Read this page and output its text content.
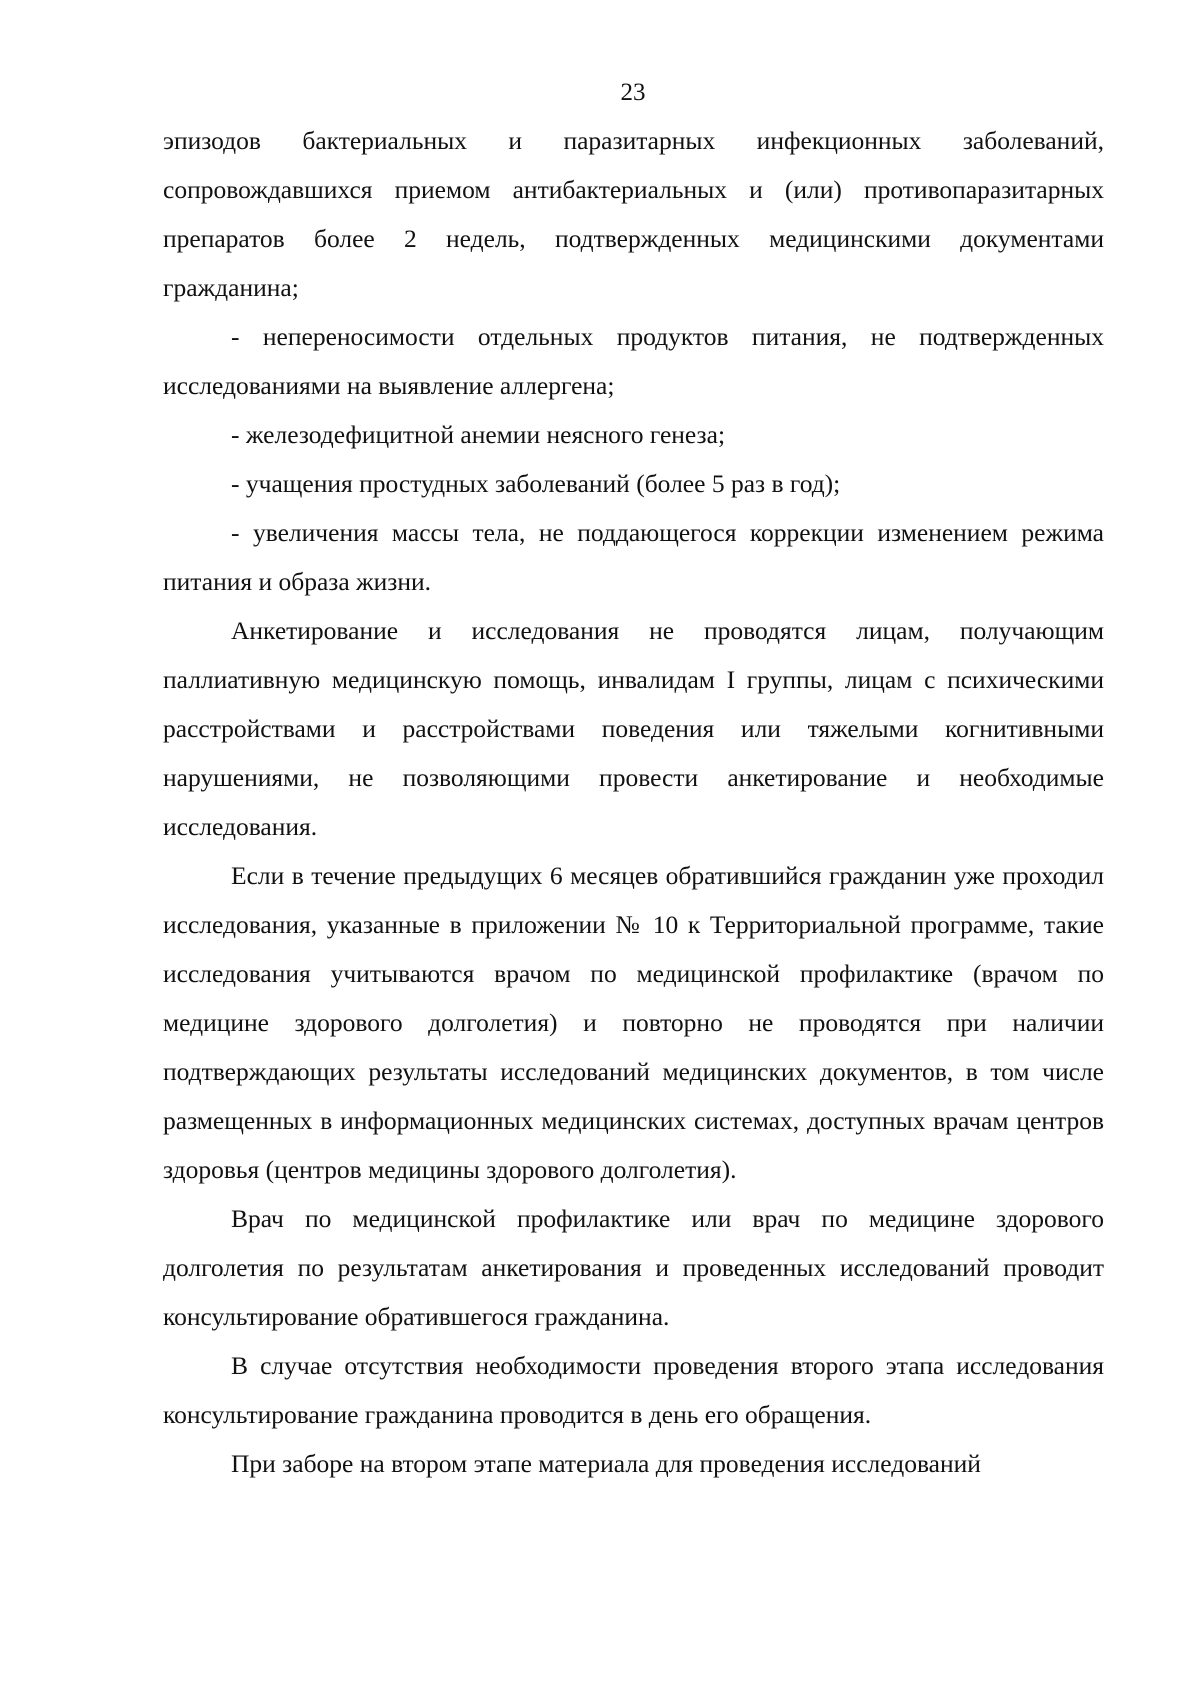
23

эпизодов бактериальных и паразитарных инфекционных заболеваний, сопровождавшихся приемом антибактериальных и (или) противопаразитарных препаратов более 2 недель, подтвержденных медицинскими документами гражданина;

- непереносимости отдельных продуктов питания, не подтвержденных исследованиями на выявление аллергена;

- железодефицитной анемии неясного генеза;

- учащения простудных заболеваний (более 5 раз в год);

- увеличения массы тела, не поддающегося коррекции изменением режима питания и образа жизни.

Анкетирование и исследования не проводятся лицам, получающим паллиативную медицинскую помощь, инвалидам I группы, лицам с психическими расстройствами и расстройствами поведения или тяжелыми когнитивными нарушениями, не позволяющими провести анкетирование и необходимые исследования.

Если в течение предыдущих 6 месяцев обратившийся гражданин уже проходил исследования, указанные в приложении № 10 к Территориальной программе, такие исследования учитываются врачом по медицинской профилактике (врачом по медицине здорового долголетия) и повторно не проводятся при наличии подтверждающих результаты исследований медицинских документов, в том числе размещенных в информационных медицинских системах, доступных врачам центров здоровья (центров медицины здорового долголетия).

Врач по медицинской профилактике или врач по медицине здорового долголетия по результатам анкетирования и проведенных исследований проводит консультирование обратившегося гражданина.

В случае отсутствия необходимости проведения второго этапа исследования консультирование гражданина проводится в день его обращения.

При заборе на втором этапе материала для проведения исследований
